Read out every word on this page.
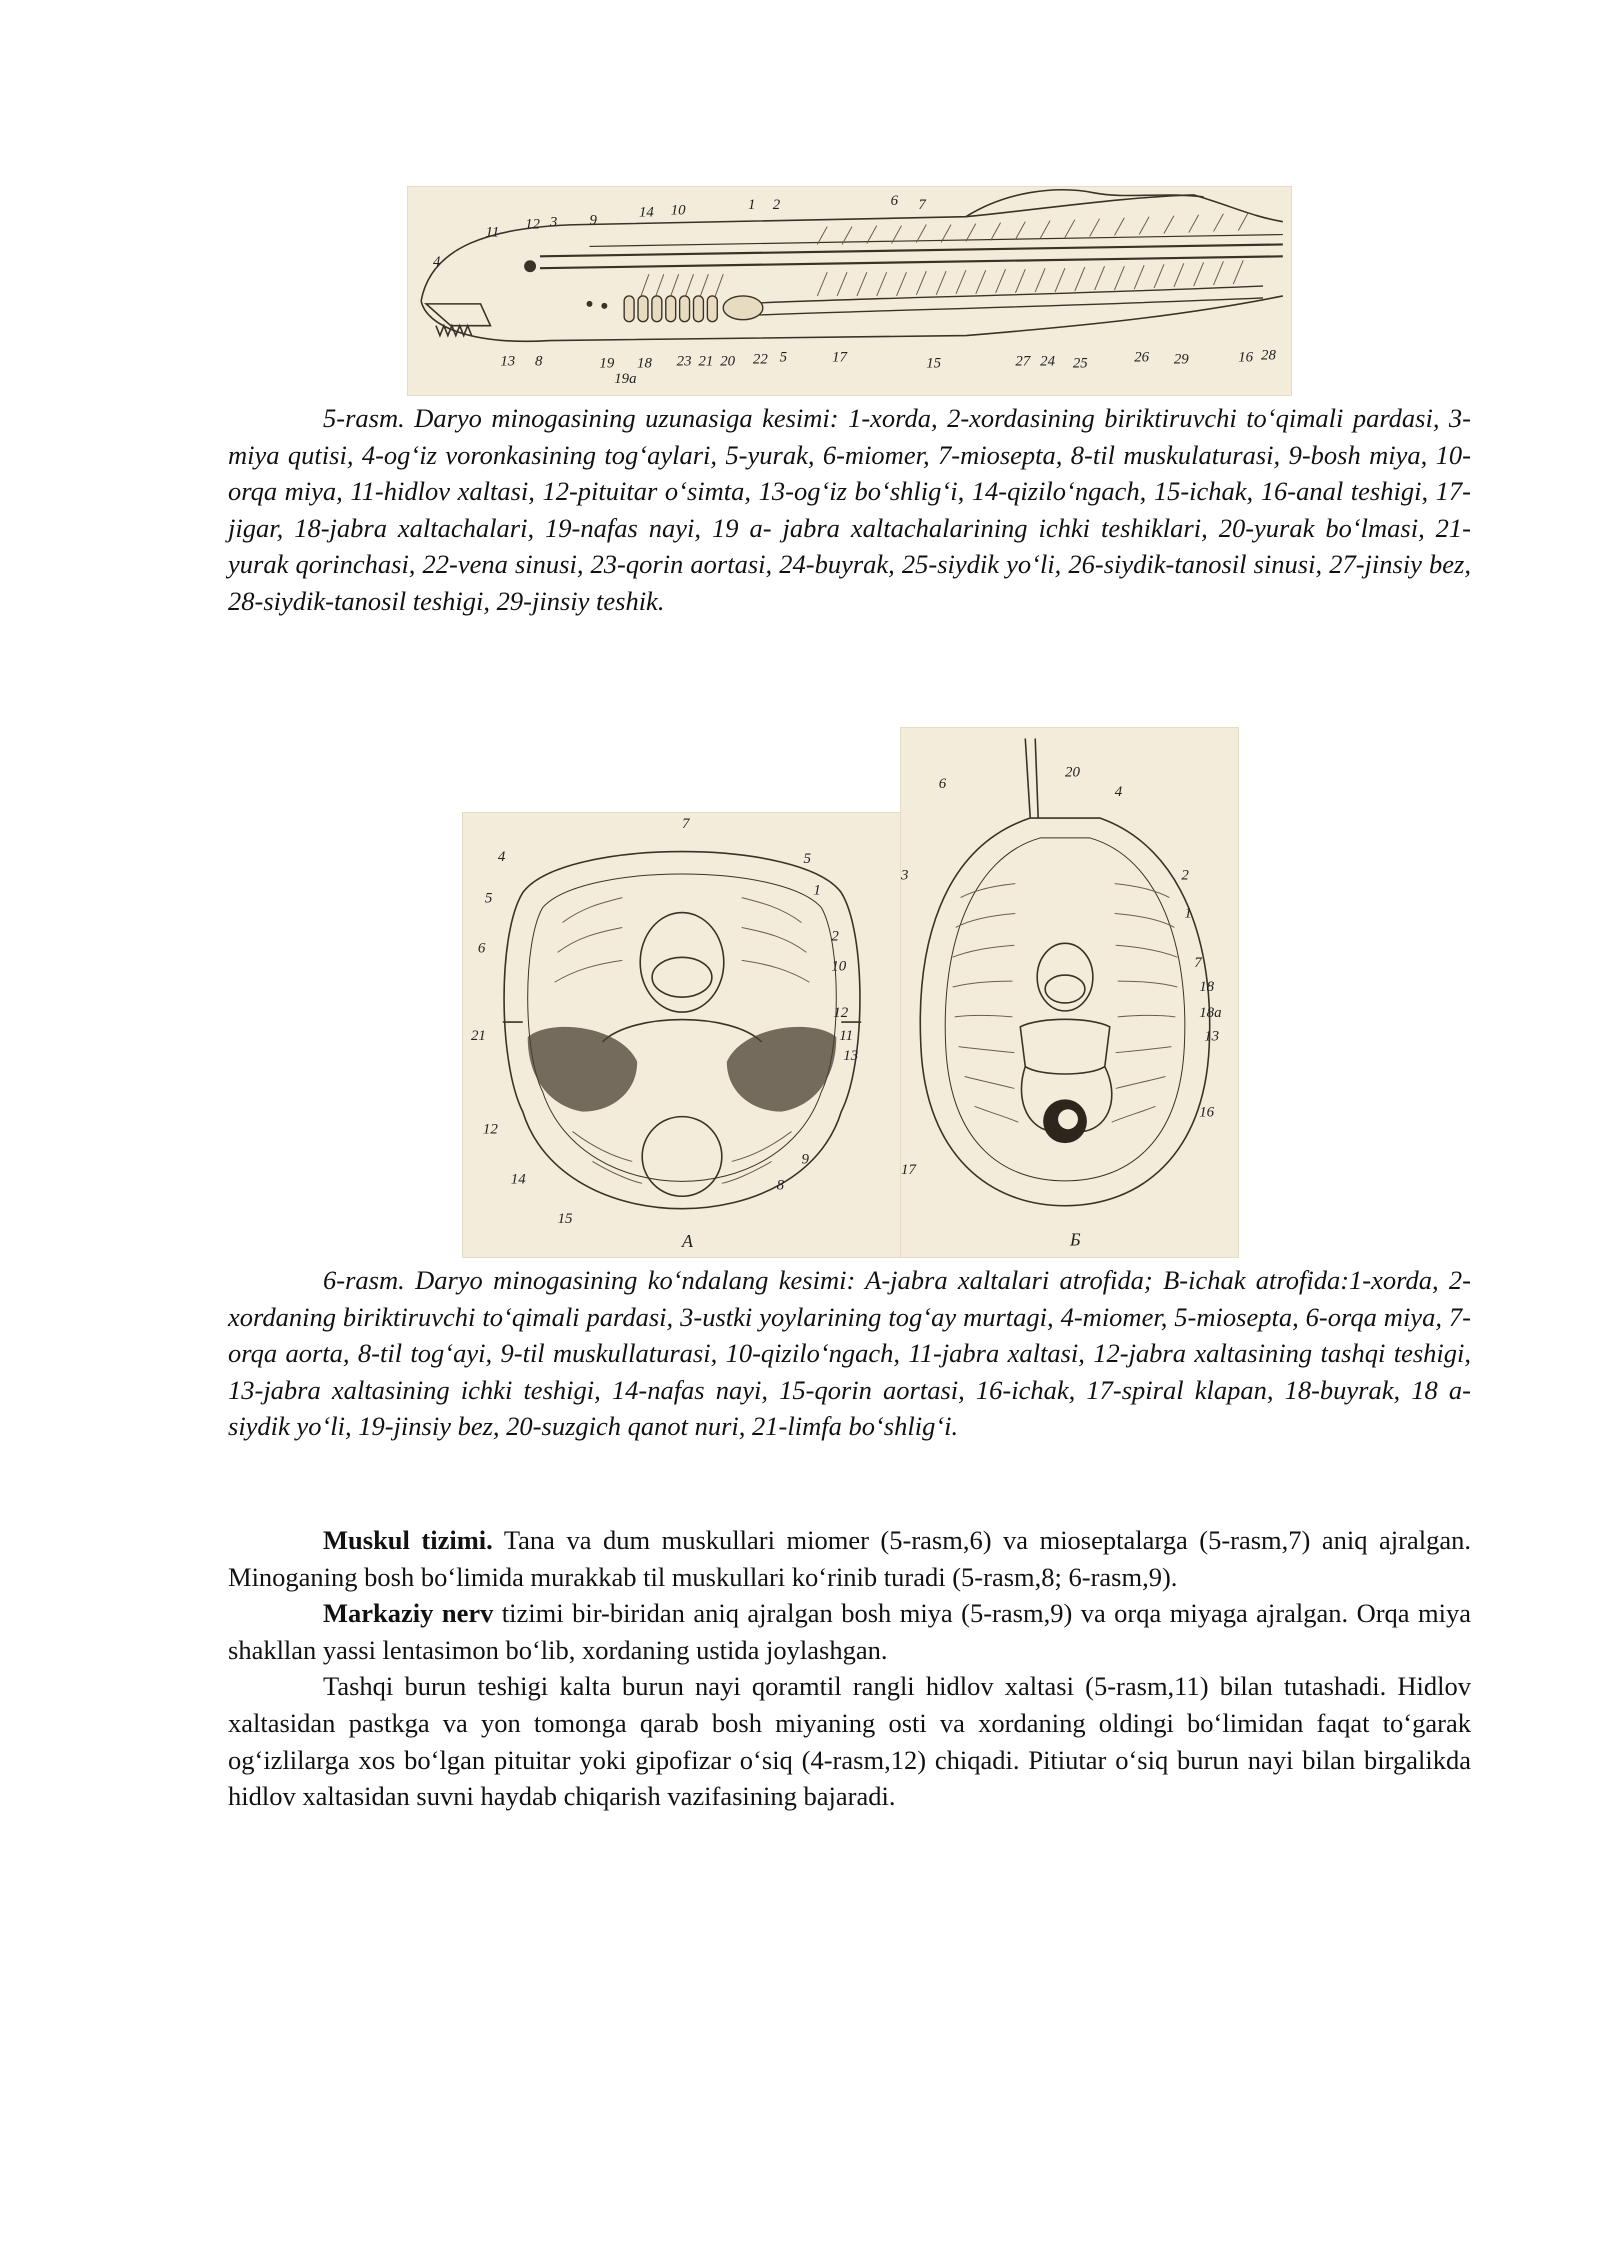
11 12 3 9	14 10	1 2	6 7
4
13 8	19 18
19a
23 21 20 22 5	17	15	27 24 25	26 29	16 28
5-rasm. Daryo minogasining uzunasiga kesimi: 1-xorda, 2-xordasining biriktiruvchi to‘qimali pardasi, 3-miya qutisi, 4-og‘iz voronkasining tog‘aylari, 5-yurak, 6-miomer, 7-miosepta, 8-til muskulaturasi, 9-bosh miya, 10-orqa miya, 11-hidlov xaltasi, 12-pituitar o‘simta, 13-og‘iz bo‘shlig‘i, 14-qizilo‘ngach, 15-ichak, 16-anal teshigi, 17-jigar, 18-jabra xaltachalari, 19-nafas nayi, 19 a- jabra xaltachalarining ichki teshiklari, 20-yurak bo‘lmasi, 21-yurak qorinchasi, 22-vena sinusi, 23-qorin aortasi, 24-buyrak, 25-siydik yo‘li, 26-siydik-tanosil sinusi, 27-jinsiy bez, 28-siydik-tanosil teshigi, 29-jinsiy teshik.
4
7
5
1
5
6
2
10
21
12
11
13
12
14
15
9
8
А
6
20
4
3	2
1
7
18
18a
13
16
17
Б
6-rasm. Daryo minogasining ko‘ndalang kesimi: A-jabra xaltalari atrofida; B-ichak atrofida:1-xorda, 2-xordaning biriktiruvchi to‘qimali pardasi, 3-ustki yoylarining tog‘ay murtagi, 4-miomer, 5-miosepta, 6-orqa miya, 7-orqa aorta, 8-til tog‘ayi, 9-til muskullaturasi, 10-qizilo‘ngach, 11-jabra xaltasi, 12-jabra xaltasining tashqi teshigi, 13-jabra xaltasining ichki teshigi, 14-nafas nayi, 15-qorin aortasi, 16-ichak, 17-spiral klapan, 18-buyrak, 18 a-siydik yo‘li, 19-jinsiy bez, 20-suzgich qanot nuri, 21-limfa bo‘shlig‘i.

Muskul tizimi. Tana va dum muskullari miomer (5-rasm,6) va mioseptalarga (5-rasm,7) aniq ajralgan. Minoganing bosh bo‘limida murakkab til muskullari ko‘rinib turadi (5-rasm,8; 6-rasm,9).

Markaziy nerv tizimi bir-biridan aniq ajralgan bosh miya (5-rasm,9) va orqa miyaga ajralgan. Orqa miya shakllan yassi lentasimon bo‘lib, xordaning ustida joylashgan.

Tashqi burun teshigi kalta burun nayi qoramtil rangli hidlov xaltasi (5-rasm,11) bilan tutashadi. Hidlov xaltasidan pastkga va yon tomonga qarab bosh miyaning osti va xordaning oldingi bo‘limidan faqat to‘garak og‘izlilarga xos bo‘lgan pituitar yoki gipofizar o‘siq (4-rasm,12) chiqadi. Pitiutar o‘siq burun nayi bilan birgalikda hidlov xaltasidan suvni haydab chiqarish vazifasining bajaradi.
